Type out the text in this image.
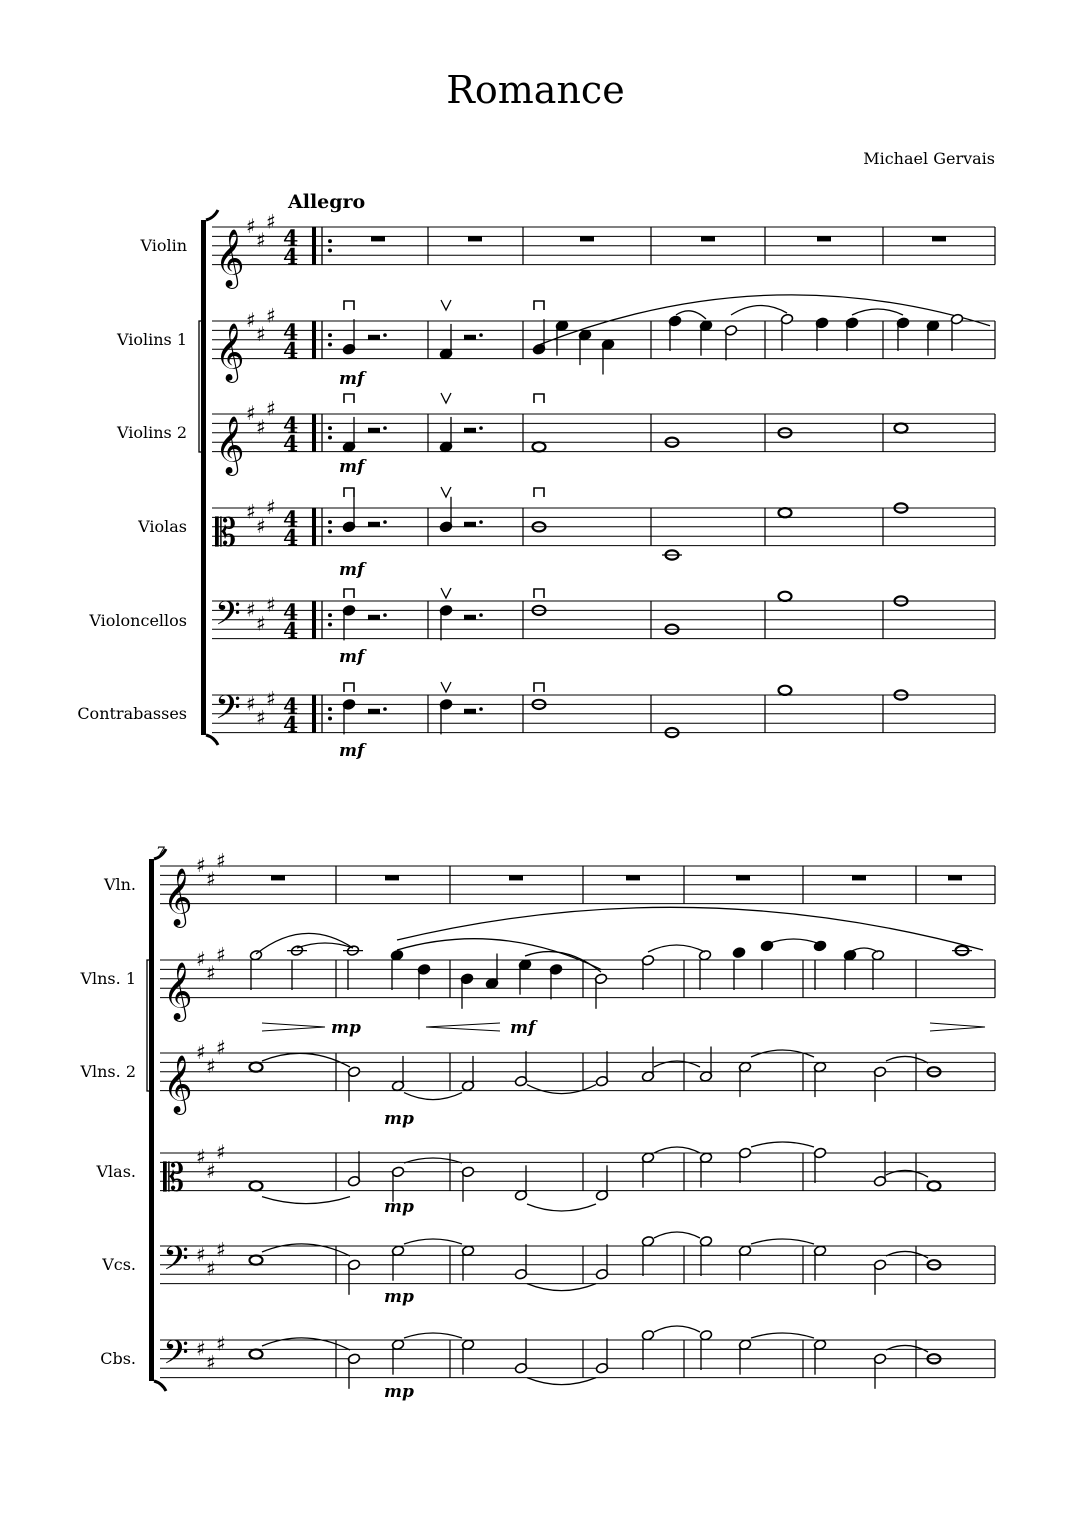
Romance
Michael Gervais
Allegro
Violin
Violins 1
Violins 2
Violas
Violoncellos
Contrabasses
Vln.
Vlns. 1
Vlns. 2
Vlas.
Vcs.
Cbs.
𝄞
♯
♯
♯
4
4
𝄞
♯
♯
♯
4
4
𝄞
♯
♯
♯
4
4
𝄡 ♯
♯
♯ 4
4
𝄢 ♯
♯
♯ 4
4
𝄢 ♯
♯
♯ 4
4
mf
mf
mf
mf
mf
𝄞
♯
♯
♯
𝄞
♯
♯
♯
𝄞
♯
♯
♯
𝄡 ♯
♯
♯
𝄢 ♯
♯
♯
𝄢 ♯
♯
♯
mp	mf
mp
mp
mp
mp
7
